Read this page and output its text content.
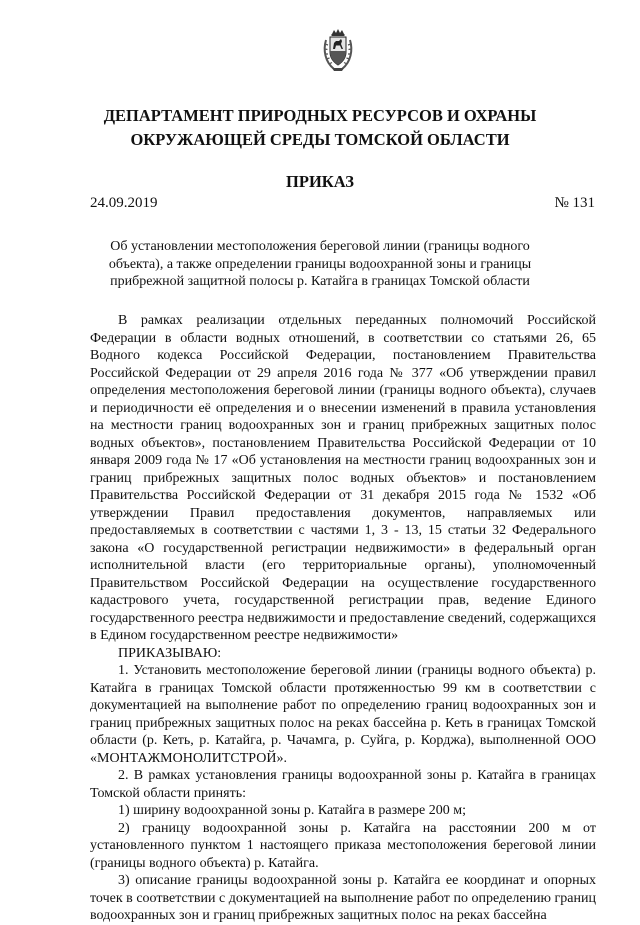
ДЕПАРТАМЕНТ ПРИРОДНЫХ РЕСУРСОВ И ОХРАНЫ
ОКРУЖАЮЩЕЙ СРЕДЫ ТОМСКОЙ ОБЛАСТИ
ПРИКАЗ
24.09.2019	№ 131
Об установлении местоположения береговой линии (границы водного объекта), а также определении границы водоохранной зоны и границы прибрежной защитной полосы р. Катайга в границах Томской области

В рамках реализации отдельных переданных полномочий Российской Федерации в области водных отношений, в соответствии со статьями 26, 65 Водного кодекса Российской Федерации, постановлением Правительства Российской Федерации от 29 апреля 2016 года № 377 «Об утверждении правил определения местоположения береговой линии (границы водного объекта), случаев и периодичности её определения и о внесении изменений в правила установления на местности границ водоохранных зон и границ прибрежных защитных полос водных объектов», постановлением Правительства Российской Федерации от 10 января 2009 года № 17 «Об установления на местности границ водоохранных зон и границ прибрежных защитных полос водных объектов» и постановлением Правительства Российской Федерации от 31 декабря 2015 года № 1532 «Об утверждении Правил предоставления документов, направляемых или предоставляемых в соответствии с частями 1, 3 - 13, 15 статьи 32 Федерального закона «О государственной регистрации недвижимости» в федеральный орган исполнительной власти (его территориальные органы), уполномоченный Правительством Российской Федерации на осуществление государственного кадастрового учета, государственной регистрации прав, ведение Единого государственного реестра недвижимости и предоставление сведений, содержащихся в Едином государственном реестре недвижимости»

ПРИКАЗЫВАЮ:

1. Установить местоположение береговой линии (границы водного объекта) р. Катайга в границах Томской области протяженностью 99 км в соответствии с документацией на выполнение работ по определению границ водоохранных зон и границ прибрежных защитных полос на реках бассейна р. Кеть в границах Томской области (р. Кеть, р. Катайга, р. Чачамга, р. Суйга, р. Корджа), выполненной ООО «МОНТАЖМОНОЛИТСТРОЙ».

2. В рамках установления границы водоохранной зоны р. Катайга в границах Томской области принять:

1) ширину водоохранной зоны р. Катайга в размере 200 м;

2) границу водоохранной зоны р. Катайга на расстоянии 200 м от установленного пунктом 1 настоящего приказа местоположения береговой линии (границы водного объекта) р. Катайга.

3) описание границы водоохранной зоны р. Катайга ее координат и опорных точек в соответствии с документацией на выполнение работ по определению границ водоохранных зон и границ прибрежных защитных полос на реках бассейна
